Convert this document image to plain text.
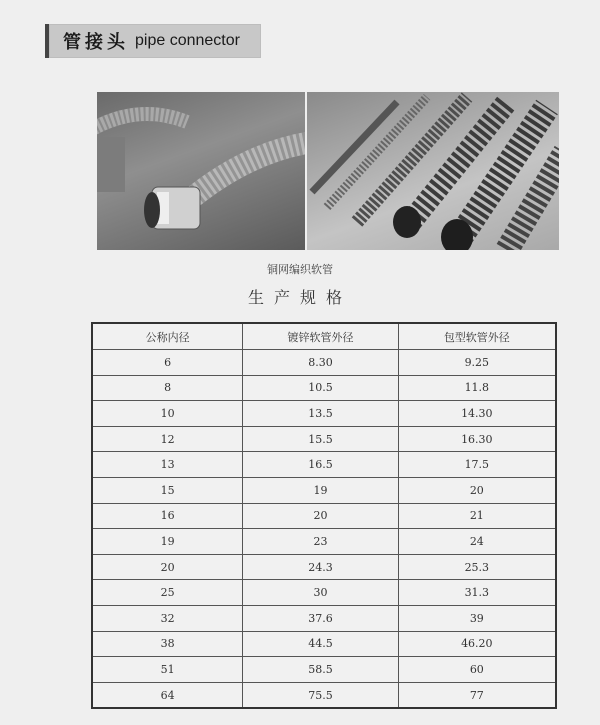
管接头 pipe connector
铜网编织软管
生产规格
公称内径	镀锌软管外径	包型软管外径
6	8.30	9.25
8	10.5	11.8
10	13.5	14.30
12	15.5	16.30
13	16.5	17.5
15	19	20
16	20	21
19	23	24
20	24.3	25.3
25	30	31.3
32	37.6	39
38	44.5	46.20
51	58.5	60
64	75.5	77
